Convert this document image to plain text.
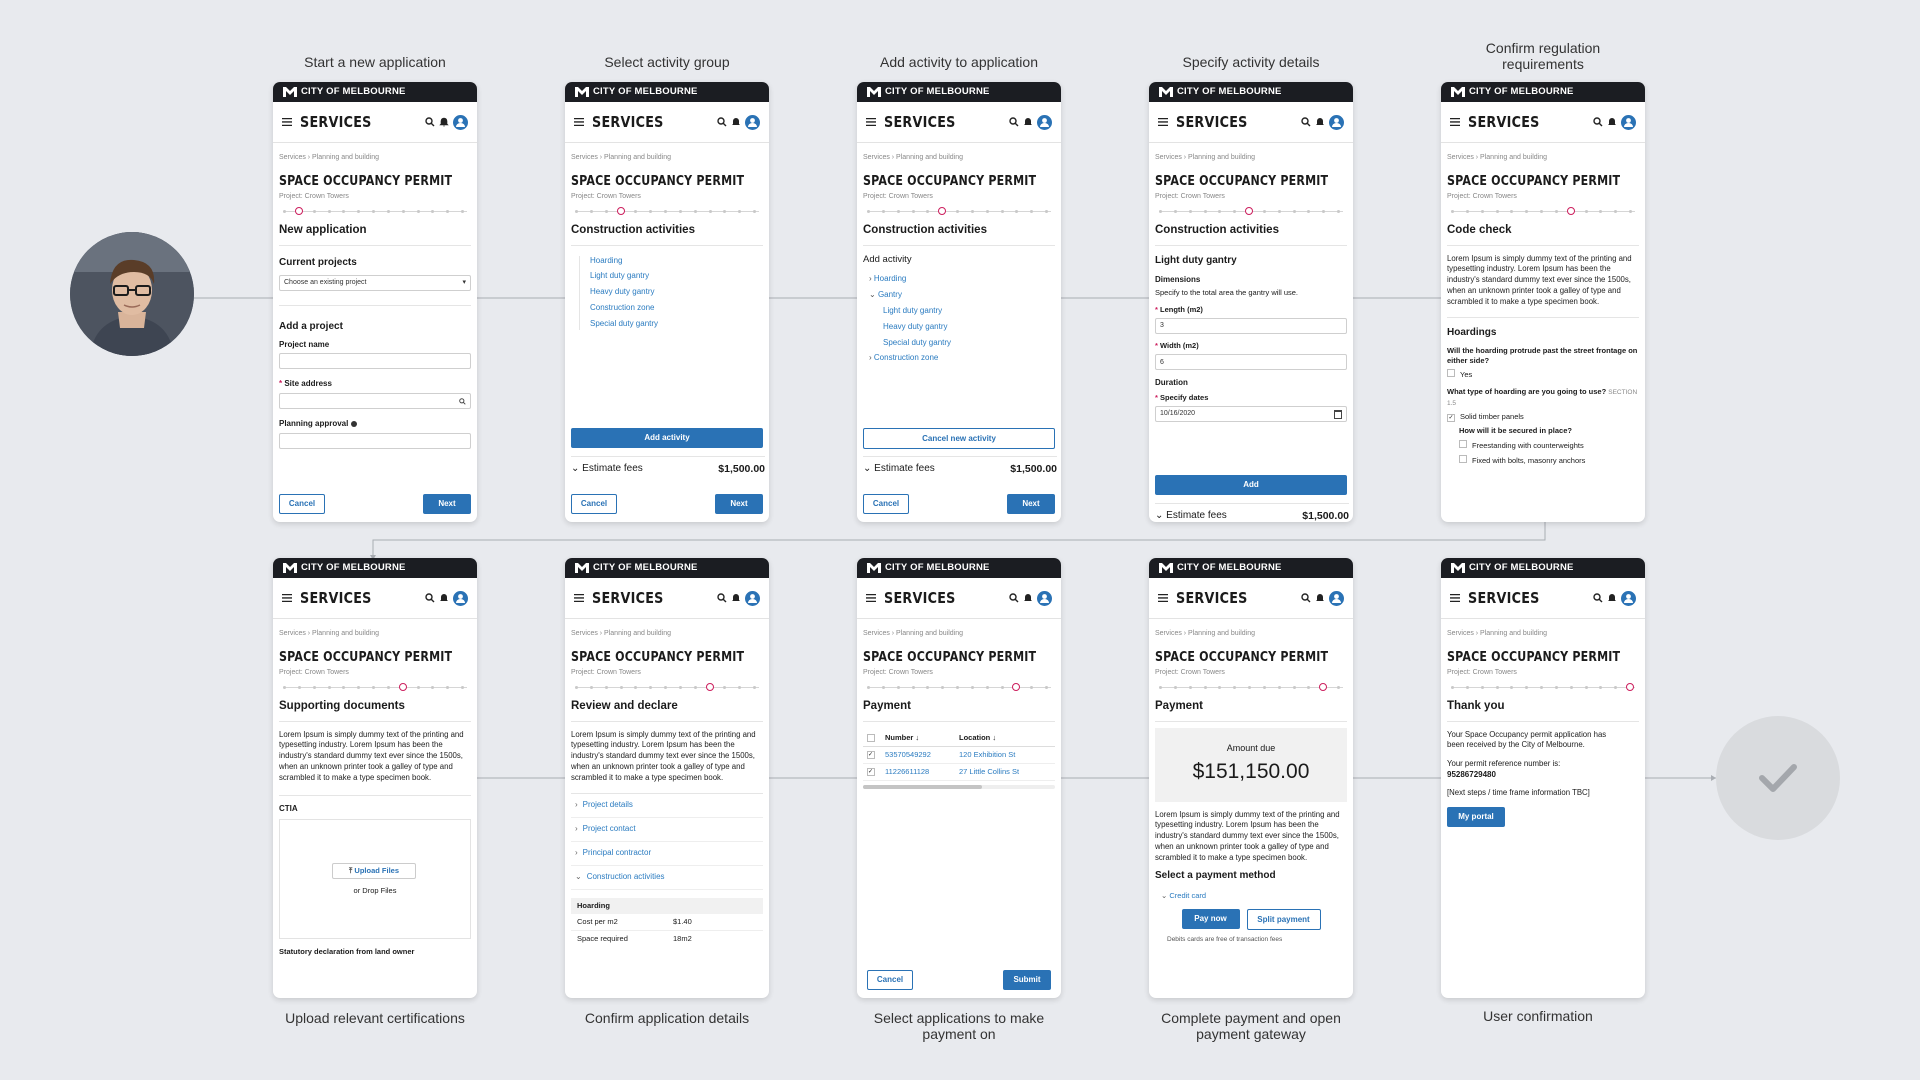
Start a new application	Select activity group	Add activity to application	Specify activity details
Confirm regulation requirements
Upload relevant certifications	Confirm application details	Select applications to make payment on
Complete payment and open payment gateway
User confirmation
CITY OF MELBOURNE
SERVICES
Services › Planning and building
SPACE OCCUPANCY PERMIT
Project: Crown Towers
New application
Current projects
Choose an existing project	▾
Add a project
Project name
* Site address
Planning approval
Cancel	Next
CITY OF MELBOURNE
SERVICES
Services › Planning and building
SPACE OCCUPANCY PERMIT
Project: Crown Towers
Construction activities
Hoarding
Light duty gantry
Heavy duty gantry
Construction zone
Special duty gantry
Add activity
⌄ Estimate fees	$1,500.00
Cancel	Next
CITY OF MELBOURNE
SERVICES
Services › Planning and building
SPACE OCCUPANCY PERMIT
Project: Crown Towers
Construction activities
Add activity
› Hoarding
⌄ Gantry
Light duty gantry
Heavy duty gantry
Special duty gantry
› Construction zone
Cancel new activity
⌄ Estimate fees	$1,500.00
Cancel	Next
CITY OF MELBOURNE
SERVICES
Services › Planning and building
SPACE OCCUPANCY PERMIT
Project: Crown Towers
Construction activities
Light duty gantry
Dimensions
Specify to the total area the gantry will use.
* Length (m2)
3
* Width (m2)
6
Duration
* Specify dates
10/16/2020
Add
⌄ Estimate fees	$1,500.00
CITY OF MELBOURNE
SERVICES
Services › Planning and building
SPACE OCCUPANCY PERMIT
Project: Crown Towers
Code check
Lorem Ipsum is simply dummy text of the printing and typesetting industry. Lorem Ipsum has been the industry's standard dummy text ever since the 1500s, when an unknown printer took a galley of type and scrambled it to make a type specimen book.
Hoardings
Will the hoarding protrude past the street frontage on either side?
Yes
What type of hoarding are you going to use? SECTION 1.5
✓ Solid timber panels
How will it be secured in place?
Freestanding with counterweights
Fixed with bolts, masonry anchors
CITY OF MELBOURNE
SERVICES
Services › Planning and building
SPACE OCCUPANCY PERMIT
Project: Crown Towers
Supporting documents
Lorem Ipsum is simply dummy text of the printing and typesetting industry. Lorem Ipsum has been the industry's standard dummy text ever since the 1500s, when an unknown printer took a galley of type and scrambled it to make a type specimen book.
CTIA
⤒ Upload Files
or Drop Files
Statutory declaration from land owner
CITY OF MELBOURNE
SERVICES
Services › Planning and building
SPACE OCCUPANCY PERMIT
Project: Crown Towers
Review and declare
Lorem Ipsum is simply dummy text of the printing and typesetting industry. Lorem Ipsum has been the industry's standard dummy text ever since the 1500s, when an unknown printer took a galley of type and scrambled it to make a type specimen book.
› Project details
› Project contact
› Principal contractor
⌄ Construction activities
Hoarding
Cost per m2	$1.40
Space required	18m2
CITY OF MELBOURNE
SERVICES
Services › Planning and building
SPACE OCCUPANCY PERMIT
Project: Crown Towers
Payment
Number ↓	Location ↓
✓ 53570549292	120 Exhibition St
✓ 11226611128	27 Little Collins St
Cancel	Submit
CITY OF MELBOURNE
SERVICES
Services › Planning and building
SPACE OCCUPANCY PERMIT
Project: Crown Towers
Payment
Amount due
$151,150.00
Lorem Ipsum is simply dummy text of the printing and typesetting industry. Lorem Ipsum has been the industry's standard dummy text ever since the 1500s, when an unknown printer took a galley of type and scrambled it to make a type specimen book.
Select a payment method
⌄ Credit card
Pay now	Split payment
Debits cards are free of transaction fees
CITY OF MELBOURNE
SERVICES
Services › Planning and building
SPACE OCCUPANCY PERMIT
Project: Crown Towers
Thank you
Your Space Occupancy permit application has been received by the City of Melbourne.
Your permit reference number is:
95286729480
[Next steps / time frame information TBC]
My portal
